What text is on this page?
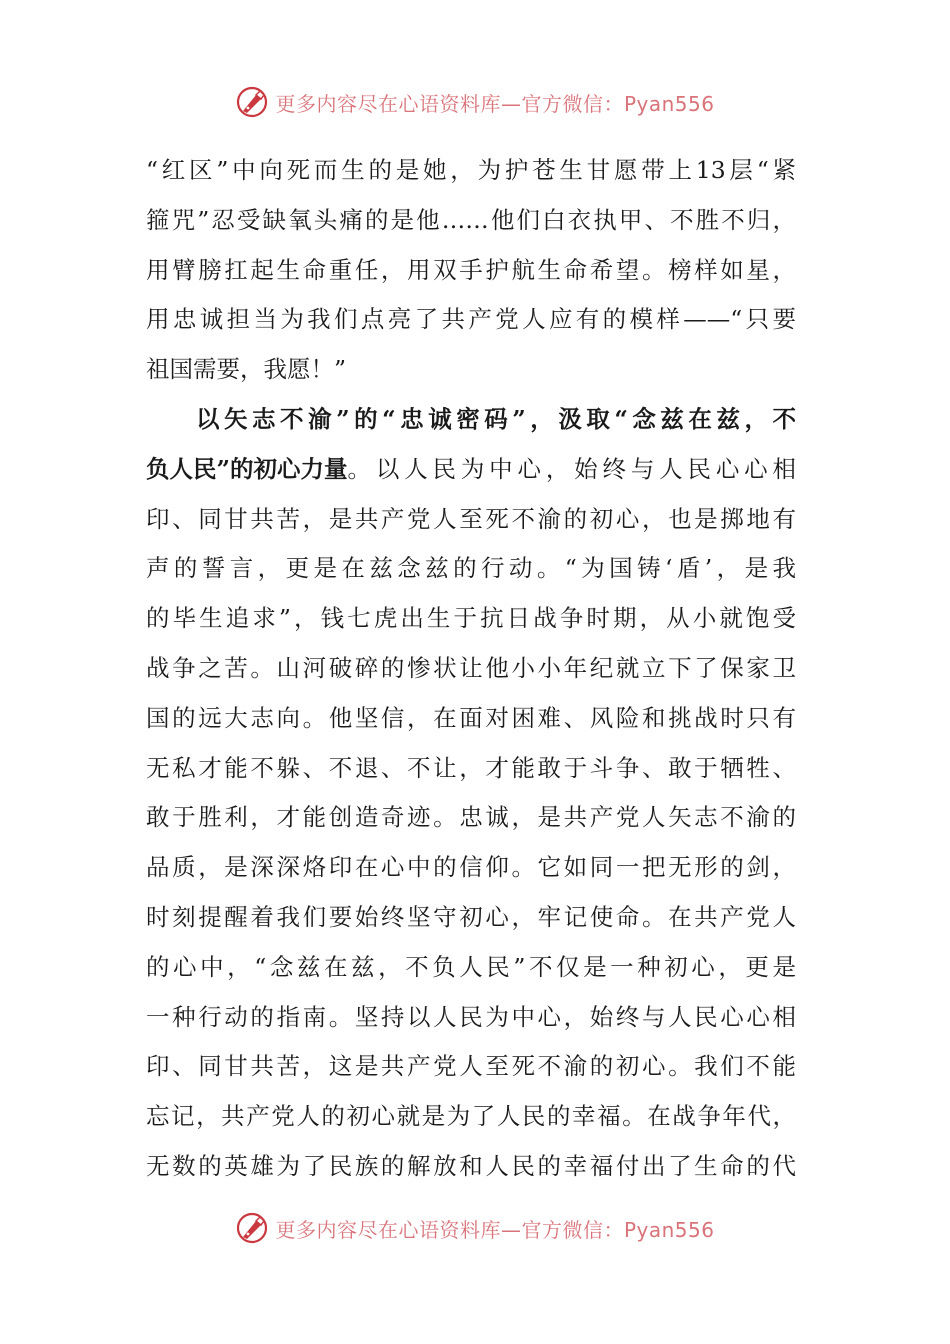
更多内容尽在心语资料库—官方微信：Pyan556
“红区”中向死而生的是她，为护苍生甘愿带上13层“紧
箍咒”忍受缺氧头痛的是他……他们白衣执甲、不胜不归，
用臂膀扛起生命重任，用双手护航生命希望。榜样如星，
用忠诚担当为我们点亮了共产党人应有的模样——“只要
祖国需要，我愿！”
以矢志不渝”的“忠诚密码”，汲取“念兹在兹，不
负人民”的初心力量 。以人民为中心，始终与人民心心相
印、同甘共苦，是共产党人至死不渝的初心，也是掷地有
声的誓言，更是在兹念兹的行动。“为国铸‘盾’，是我
的毕生追求”，钱七虎出生于抗日战争时期，从小就饱受
战争之苦。山河破碎的惨状让他小小年纪就立下了保家卫
国的远大志向。他坚信，在面对困难、风险和挑战时只有
无私才能不躲、不退、不让，才能敢于斗争、敢于牺牲、
敢于胜利，才能创造奇迹。忠诚，是共产党人矢志不渝的
品质，是深深烙印在心中的信仰。它如同一把无形的剑，
时刻提醒着我们要始终坚守初心，牢记使命。在共产党人
的心中，“念兹在兹，不负人民”不仅是一种初心，更是
一种行动的指南。坚持以人民为中心，始终与人民心心相
印、同甘共苦，这是共产党人至死不渝的初心。我们不能
忘记，共产党人的初心就是为了人民的幸福。在战争年代，
无数的英雄为了民族的解放和人民的幸福付出了生命的代
更多内容尽在心语资料库—官方微信：Pyan556
